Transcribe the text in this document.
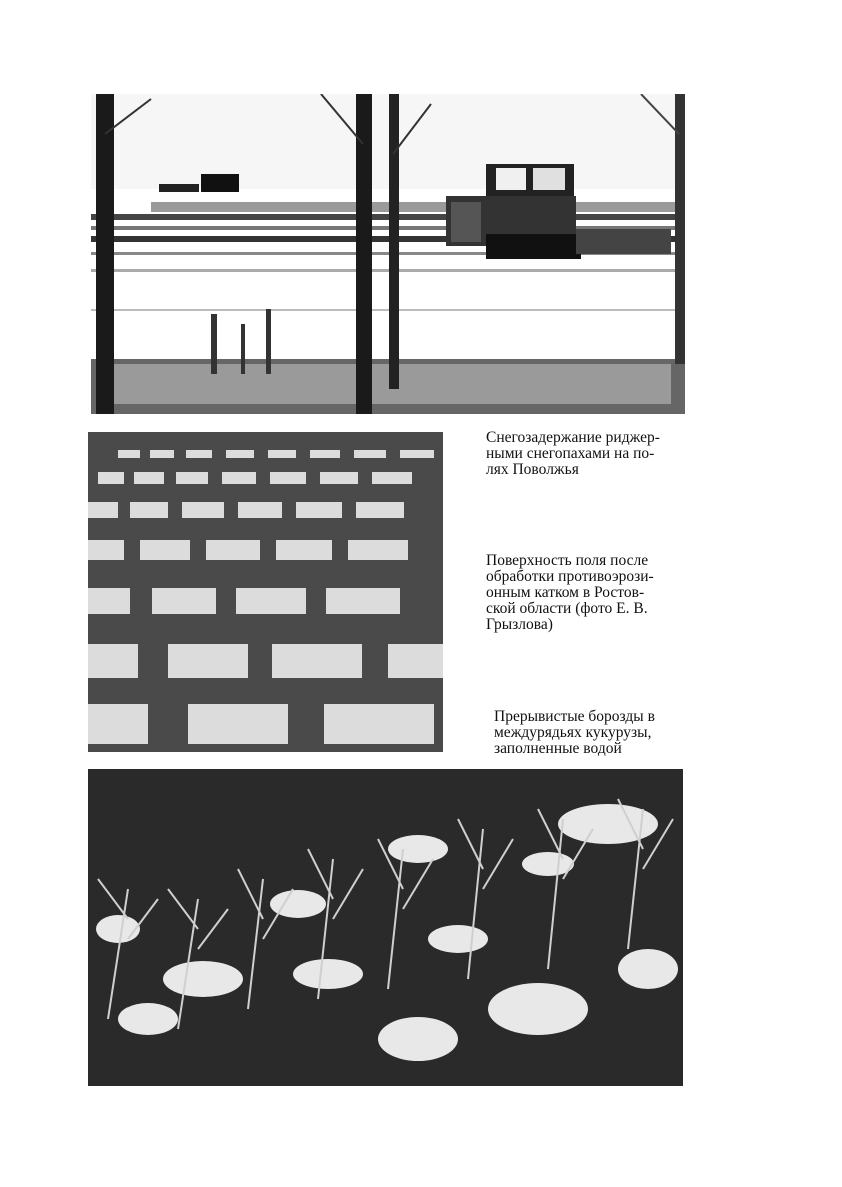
Снегозадержание риджер-
ными снегопахами на по-
лях Поволжья

Поверхность поля после
обработки противоэрози-
онным катком в Ростов-
ской области (фото Е. В.
Грызлова)

Прерывистые борозды в
междурядьях кукурузы,
заполненные водой
